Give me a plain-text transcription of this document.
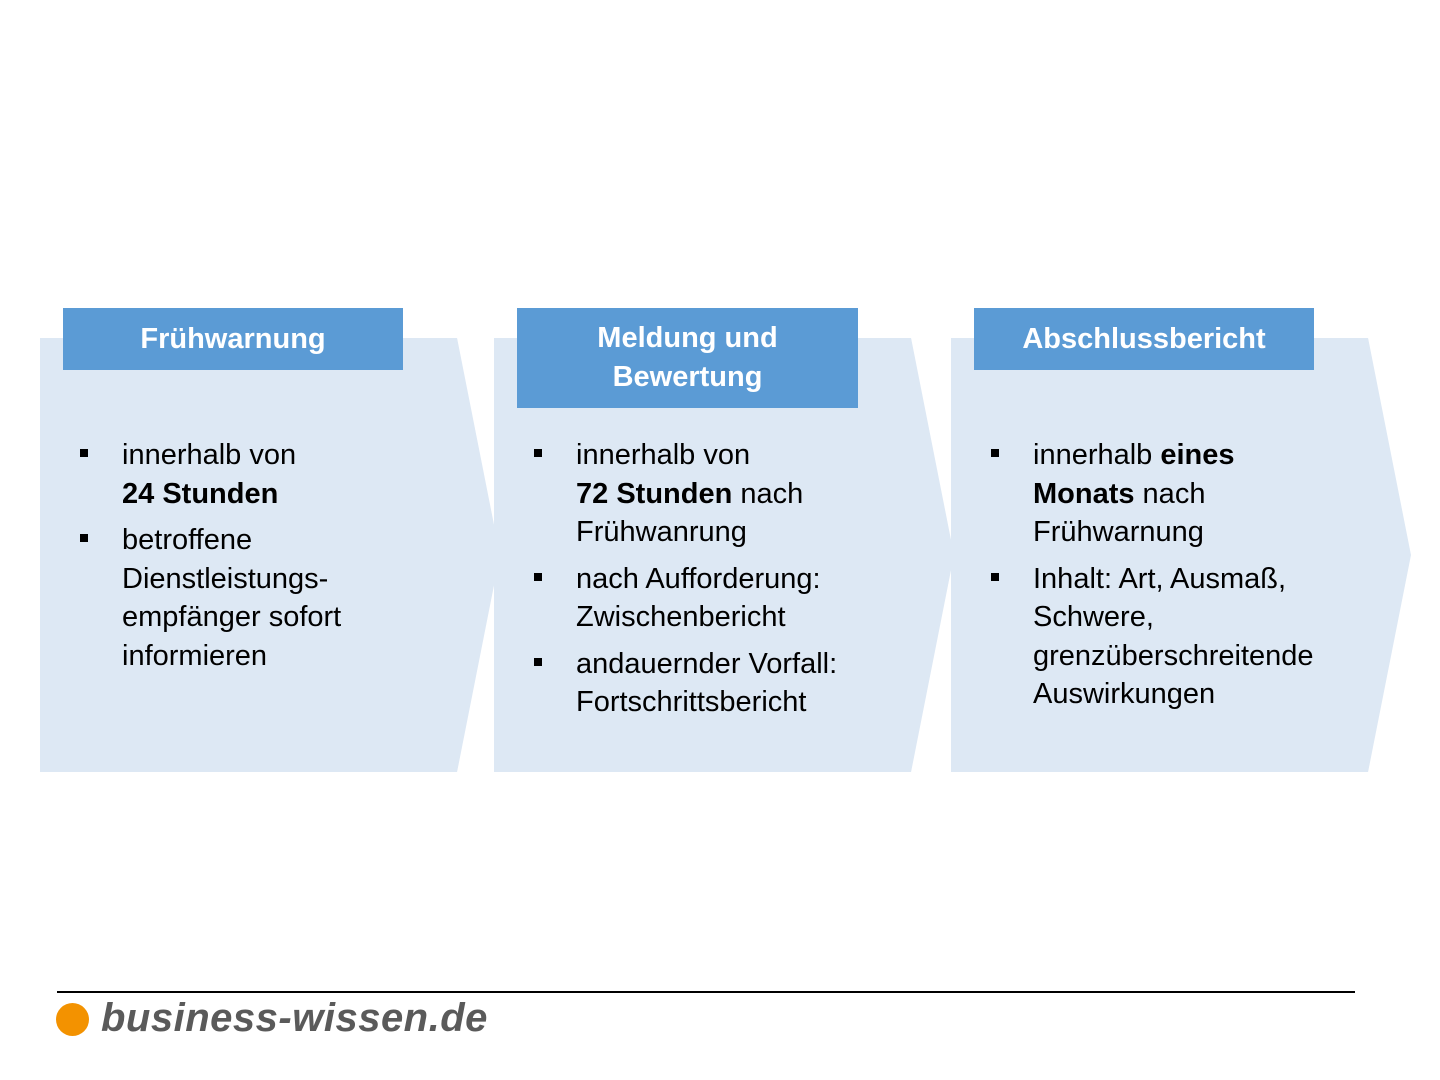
Frühwarnung
innerhalb von
24 Stunden
betroffene
Dienstleistungs-
empfänger sofort
informieren
Meldung und
Bewertung
innerhalb von
72 Stunden nach
Frühwanrung
nach Aufforderung:
Zwischenbericht
andauernder Vorfall:
Fortschrittsbericht
Abschlussbericht
innerhalb eines
Monats nach
Frühwarnung
Inhalt: Art, Ausmaß,
Schwere,
grenzüberschreitende
Auswirkungen
business-wissen.de
